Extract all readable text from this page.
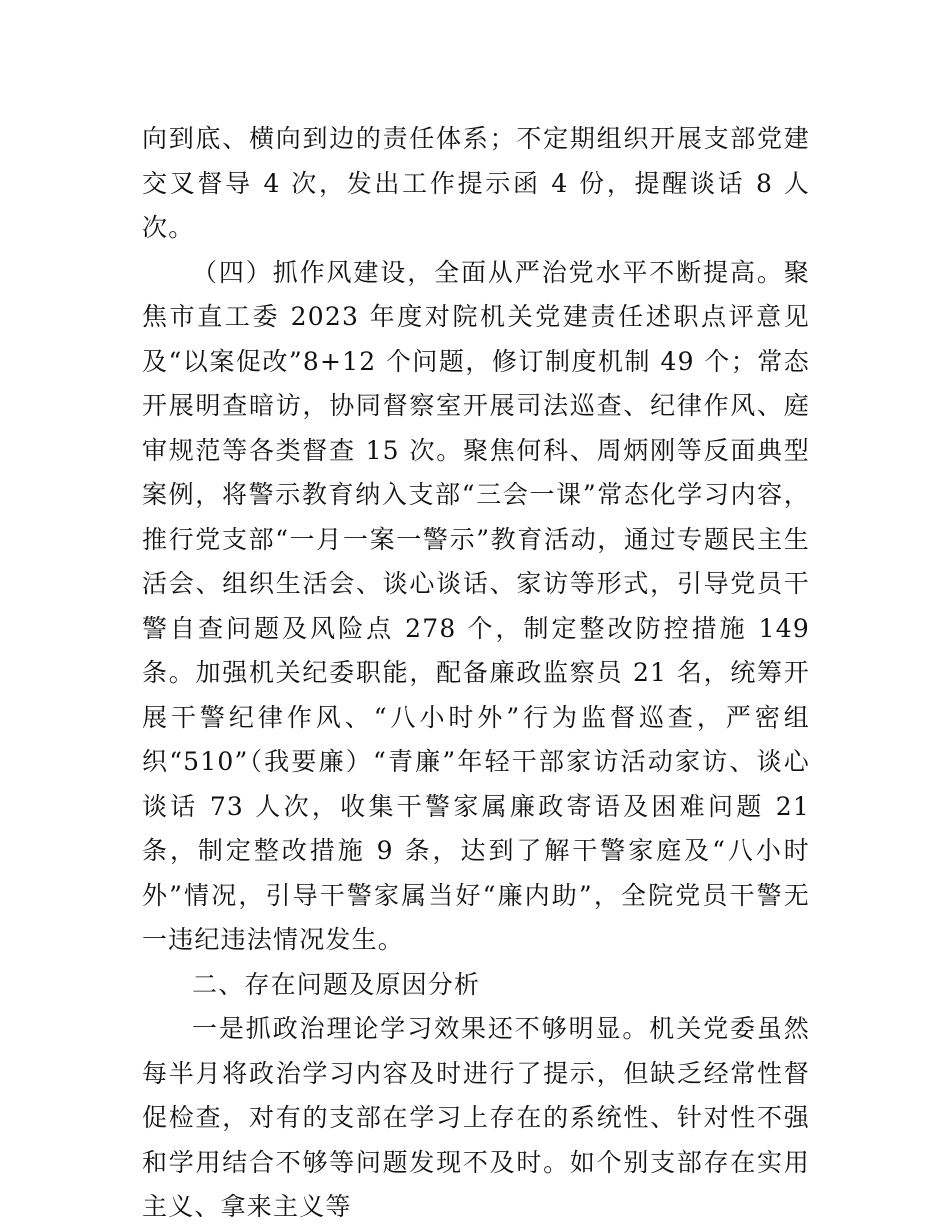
向到底、横向到边的责任体系；不定期组织开展支部党建交叉督导 4 次，发出工作提示函 4 份，提醒谈话 8 人次。

（四）抓作风建设，全面从严治党水平不断提高。聚焦市直工委 2023 年度对院机关党建责任述职点评意见及“以案促改”8+12 个问题，修订制度机制 49 个；常态开展明查暗访，协同督察室开展司法巡查、纪律作风、庭审规范等各类督查 15 次。聚焦何科、周炳刚等反面典型案例，将警示教育纳入支部“三会一课”常态化学习内容，推行党支部“一月一案一警示”教育活动，通过专题民主生活会、组织生活会、谈心谈话、家访等形式，引导党员干警自查问题及风险点 278 个，制定整改防控措施 149 条。加强机关纪委职能，配备廉政监察员 21 名，统筹开展干警纪律作风、“八小时外”行为监督巡查，严密组织“510”（我要廉）“青廉”年轻干部家访活动家访、谈心谈话 73 人次，收集干警家属廉政寄语及困难问题 21 条，制定整改措施 9 条，达到了解干警家庭及“八小时外”情况，引导干警家属当好“廉内助”，全院党员干警无一违纪违法情况发生。

二、存在问题及原因分析

一是抓政治理论学习效果还不够明显。机关党委虽然每半月将政治学习内容及时进行了提示，但缺乏经常性督促检查，对有的支部在学习上存在的系统性、针对性不强和学用结合不够等问题发现不及时。如个别支部存在实用主义、拿来主义等
